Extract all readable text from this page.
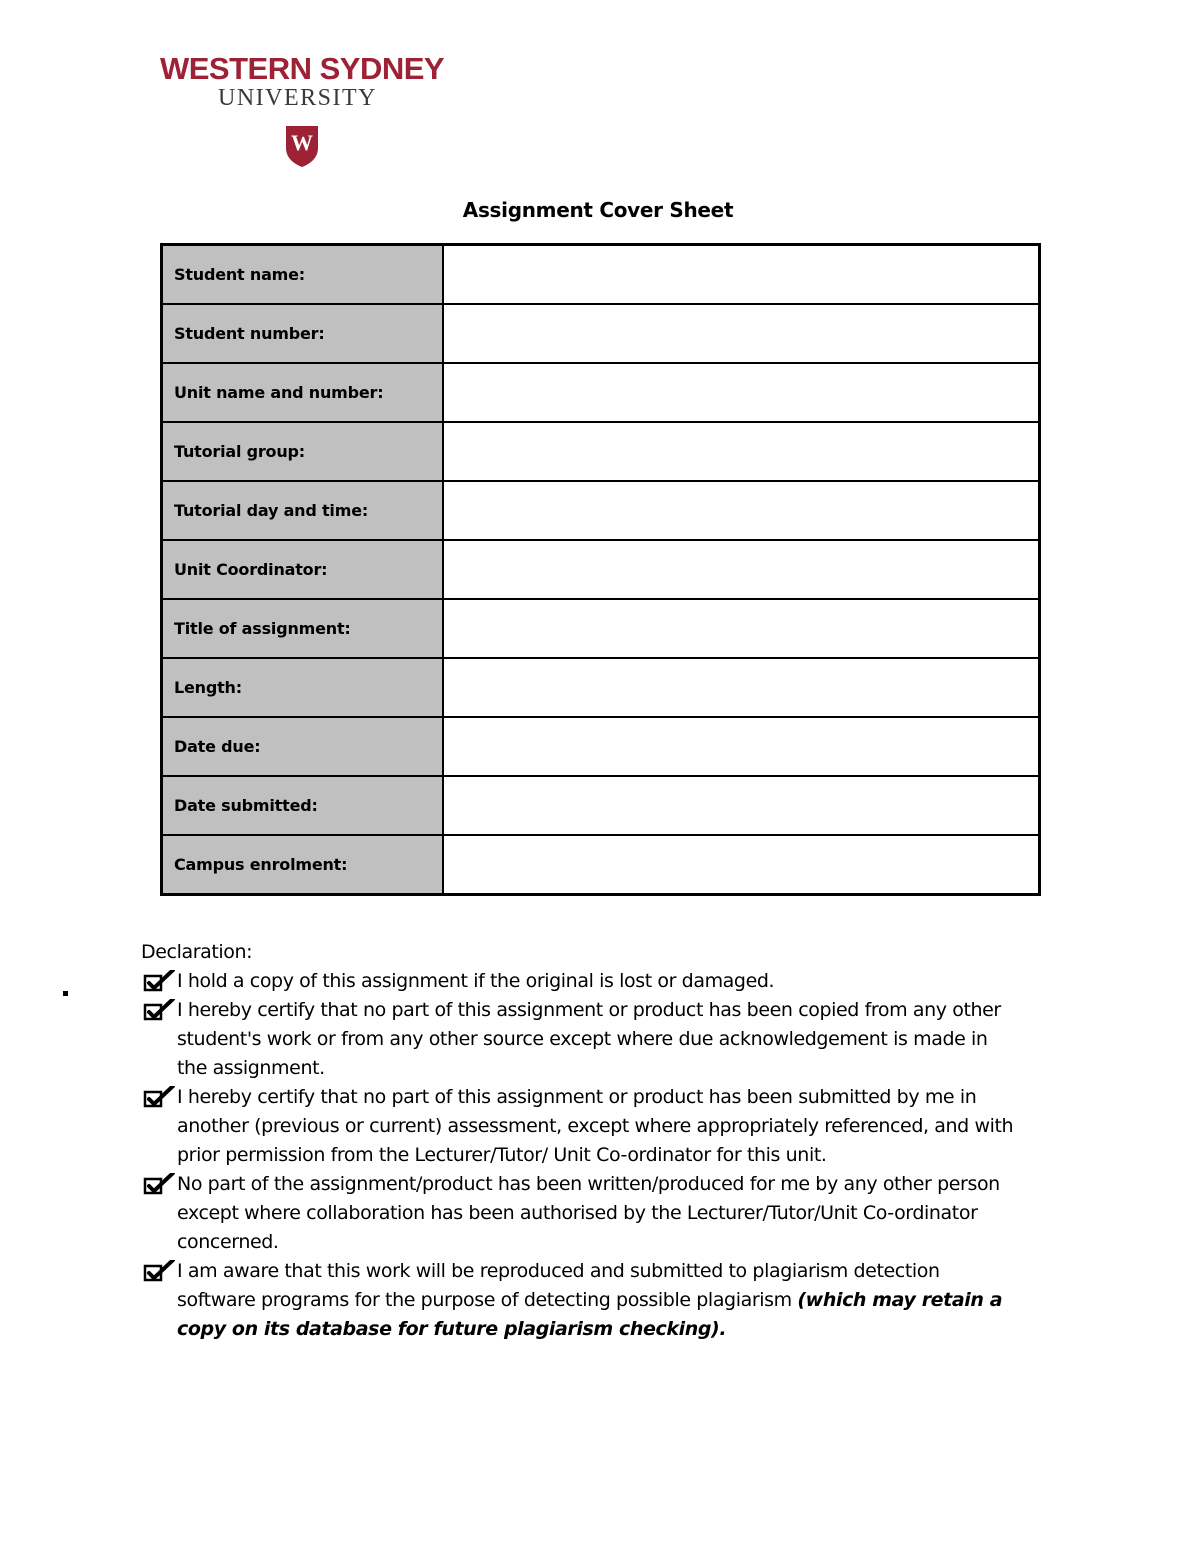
WESTERN SYDNEY
UNIVERSITY
W
Assignment Cover Sheet
Student name:	
Student number:	
Unit name and number:	
Tutorial group:	
Tutorial day and time:	
Unit Coordinator:	
Title of assignment:	
Length:	
Date due:	
Date submitted:	
Campus enrolment:	

Declaration:

I hold a copy of this assignment if the original is lost or damaged.

I hereby certify that no part of this assignment or product has been copied from any other student's work or from any other source except where due acknowledgement is made in the assignment.

I hereby certify that no part of this assignment or product has been submitted by me in another (previous or current) assessment, except where appropriately referenced, and with prior permission from the Lecturer/Tutor/ Unit Co-ordinator for this unit.

No part of the assignment/product has been written/produced for me by any other person except where collaboration has been authorised by the Lecturer/Tutor/Unit Co-ordinator concerned.

I am aware that this work will be reproduced and submitted to plagiarism detection software programs for the purpose of detecting possible plagiarism (which may retain a copy on its database for future plagiarism checking).
